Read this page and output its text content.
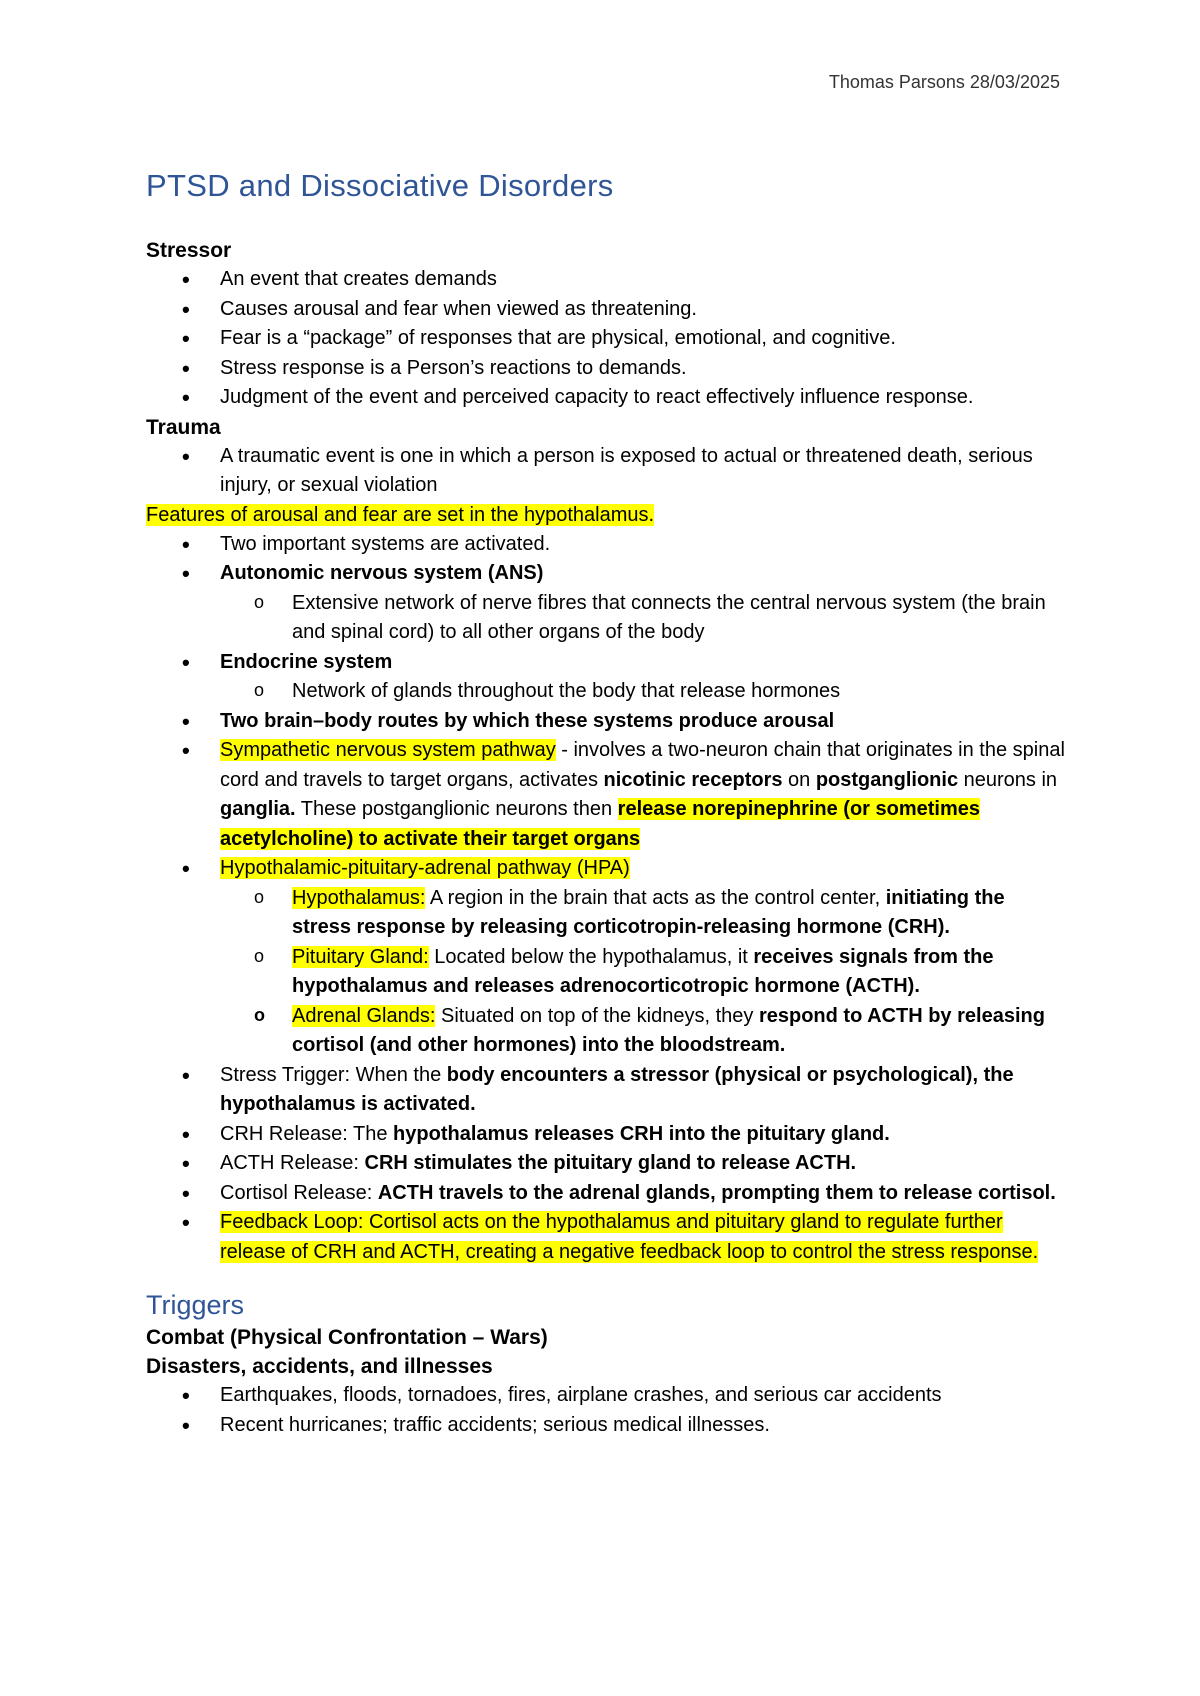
Thomas Parsons 28/03/2025
PTSD and Dissociative Disorders
Stressor
• An event that creates demands
• Causes arousal and fear when viewed as threatening.
• Fear is a “package” of responses that are physical, emotional, and cognitive.
• Stress response is a Person’s reactions to demands.
• Judgment of the event and perceived capacity to react effectively influence response.
Trauma
• A traumatic event is one in which a person is exposed to actual or threatened death, serious injury, or sexual violation
Features of arousal and fear are set in the hypothalamus.
• Two important systems are activated.
• Autonomic nervous system (ANS)
o Extensive network of nerve fibres that connects the central nervous system (the brain and spinal cord) to all other organs of the body
• Endocrine system
o Network of glands throughout the body that release hormones
• Two brain–body routes by which these systems produce arousal
• Sympathetic nervous system pathway - involves a two-neuron chain that originates in the spinal cord and travels to target organs, activates nicotinic receptors on postganglionic neurons in ganglia. These postganglionic neurons then release norepinephrine (or sometimes acetylcholine) to activate their target organs
• Hypothalamic-pituitary-adrenal pathway (HPA)
o Hypothalamus: A region in the brain that acts as the control center, initiating the stress response by releasing corticotropin-releasing hormone (CRH).
o Pituitary Gland: Located below the hypothalamus, it receives signals from the hypothalamus and releases adrenocorticotropic hormone (ACTH).
o Adrenal Glands: Situated on top of the kidneys, they respond to ACTH by releasing cortisol (and other hormones) into the bloodstream.
• Stress Trigger: When the body encounters a stressor (physical or psychological), the hypothalamus is activated.
• CRH Release: The hypothalamus releases CRH into the pituitary gland.
• ACTH Release: CRH stimulates the pituitary gland to release ACTH.
• Cortisol Release: ACTH travels to the adrenal glands, prompting them to release cortisol.
• Feedback Loop: Cortisol acts on the hypothalamus and pituitary gland to regulate further release of CRH and ACTH, creating a negative feedback loop to control the stress response.
Triggers
Combat (Physical Confrontation – Wars)
Disasters, accidents, and illnesses
• Earthquakes, floods, tornadoes, fires, airplane crashes, and serious car accidents
• Recent hurricanes; traffic accidents; serious medical illnesses.
